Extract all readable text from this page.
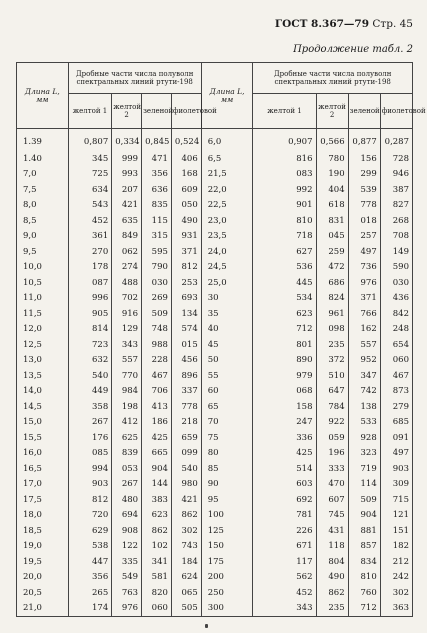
ГОСТ 8.367—79 Стр. 45
Продолжение табл. 2
Длина L, мм	Дробные части числа полуволн спектральных линий ртути-198				Длина L, мм	Дробные части числа полуволн спектральных линий ртути-198			
	желтой 1	желтой 2	зеленой	фиолетовой		желтой 1	желтой 2	зеленой	фиолетовой
1.39	0,807	0,334	0,845	0,524	6,0	0,907	0,566	0,877	0,287
1.40	345	999	471	406	6,5	816	780	156	728
7,0	725	993	356	168	21,5	083	190	299	946
7,5	634	207	636	609	22,0	992	404	539	387
8,0	543	421	835	050	22,5	901	618	778	827
8,5	452	635	115	490	23,0	810	831	018	268
9,0	361	849	315	931	23,5	718	045	257	708
9,5	270	062	595	371	24,0	627	259	497	149
10,0	178	274	790	812	24,5	536	472	736	590
10,5	087	488	030	253	25,0	445	686	976	030
11,0	996	702	269	693	30	534	824	371	436
11,5	905	916	509	134	35	623	961	766	842
12,0	814	129	748	574	40	712	098	162	248
12,5	723	343	988	015	45	801	235	557	654
13,0	632	557	228	456	50	890	372	952	060
13,5	540	770	467	896	55	979	510	347	467
14,0	449	984	706	337	60	068	647	742	873
14,5	358	198	413	778	65	158	784	138	279
15,0	267	412	186	218	70	247	922	533	685
15,5	176	625	425	659	75	336	059	928	091
16,0	085	839	665	099	80	425	196	323	497
16,5	994	053	904	540	85	514	333	719	903
17,0	903	267	144	980	90	603	470	114	309
17,5	812	480	383	421	95	692	607	509	715
18,0	720	694	623	862	100	781	745	904	121
18,5	629	908	862	302	125	226	431	881	151
19,0	538	122	102	743	150	671	118	857	182
19,5	447	335	341	184	175	117	804	834	212
20,0	356	549	581	624	200	562	490	810	242
20,5	265	763	820	065	250	452	862	760	302
21,0	174	976	060	505	300	343	235	712	363
